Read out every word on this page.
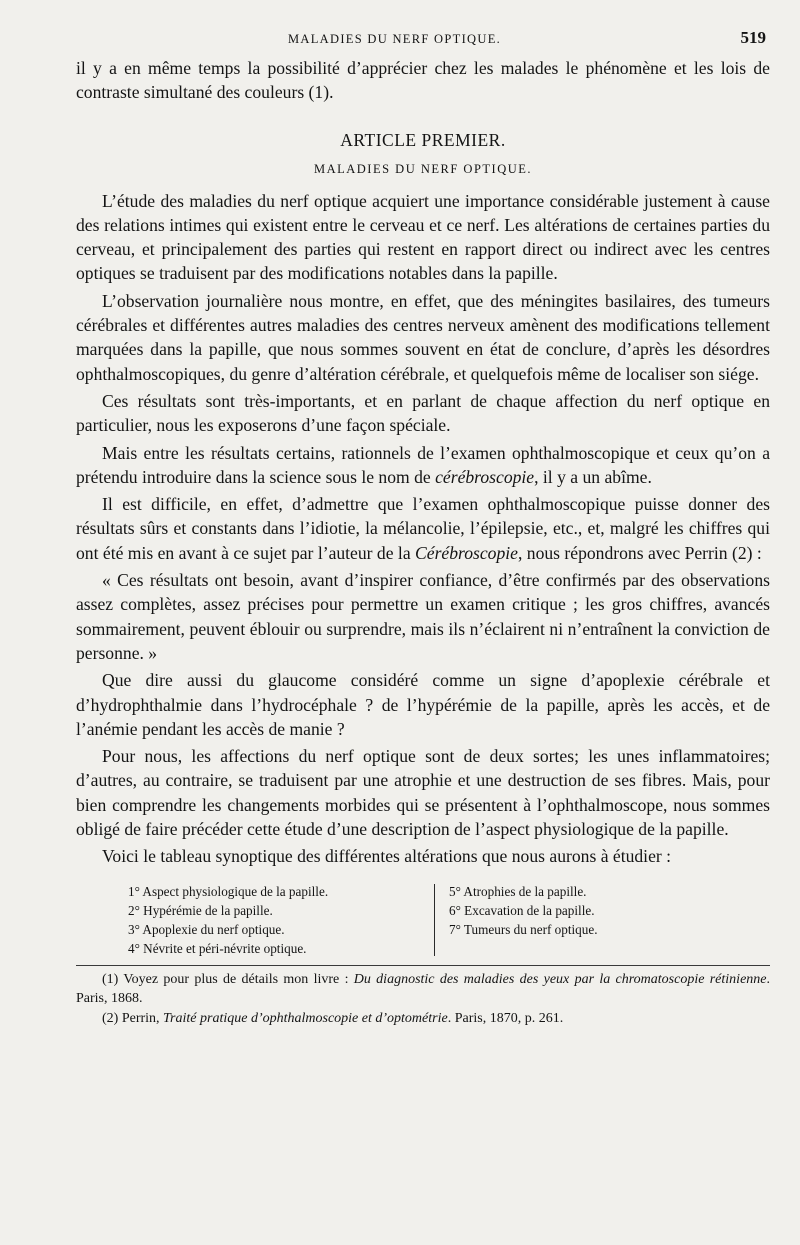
MALADIES DU NERF OPTIQUE.	519

il y a en même temps la possibilité d’apprécier chez les malades le phénomène et les lois de contraste simultané des couleurs (1).

ARTICLE PREMIER.
MALADIES DU NERF OPTIQUE.

L’étude des maladies du nerf optique acquiert une importance considérable justement à cause des relations intimes qui existent entre le cerveau et ce nerf. Les altérations de certaines parties du cerveau, et principalement des parties qui restent en rapport direct ou indirect avec les centres optiques se traduisent par des modifications notables dans la papille.

L’observation journalière nous montre, en effet, que des méningites basilaires, des tumeurs cérébrales et différentes autres maladies des centres nerveux amènent des modifications tellement marquées dans la papille, que nous sommes souvent en état de conclure, d’après les désordres ophthalmoscopiques, du genre d’altération cérébrale, et quelquefois même de localiser son siége.

Ces résultats sont très-importants, et en parlant de chaque affection du nerf optique en particulier, nous les exposerons d’une façon spéciale.

Mais entre les résultats certains, rationnels de l’examen ophthalmoscopique et ceux qu’on a prétendu introduire dans la science sous le nom de cérébroscopie, il y a un abîme.

Il est difficile, en effet, d’admettre que l’examen ophthalmoscopique puisse donner des résultats sûrs et constants dans l’idiotie, la mélancolie, l’épilepsie, etc., et, malgré les chiffres qui ont été mis en avant à ce sujet par l’auteur de la Cérébroscopie, nous répondrons avec Perrin (2) :

« Ces résultats ont besoin, avant d’inspirer confiance, d’être confirmés par des observations assez complètes, assez précises pour permettre un examen critique ; les gros chiffres, avancés sommairement, peuvent éblouir ou surprendre, mais ils n’éclairent ni n’entraînent la conviction de personne. »

Que dire aussi du glaucome considéré comme un signe d’apoplexie cérébrale et d’hydrophthalmie dans l’hydrocéphale ? de l’hypérémie de la papille, après les accès, et de l’anémie pendant les accès de manie ?

Pour nous, les affections du nerf optique sont de deux sortes; les unes inflammatoires; d’autres, au contraire, se traduisent par une atrophie et une destruction de ses fibres. Mais, pour bien comprendre les changements morbides qui se présentent à l’ophthalmoscope, nous sommes obligé de faire précéder cette étude d’une description de l’aspect physiologique de la papille.

Voici le tableau synoptique des différentes altérations que nous aurons à étudier :

1° Aspect physiologique de la papille.
2° Hypérémie de la papille.
3° Apoplexie du nerf optique.
4° Névrite et péri-névrite optique.
5° Atrophies de la papille.
6° Excavation de la papille.
7° Tumeurs du nerf optique.

(1) Voyez pour plus de détails mon livre : Du diagnostic des maladies des yeux par la chromatoscopie rétinienne. Paris, 1868.

(2) Perrin, Traité pratique d’ophthalmoscopie et d’optométrie. Paris, 1870, p. 261.
